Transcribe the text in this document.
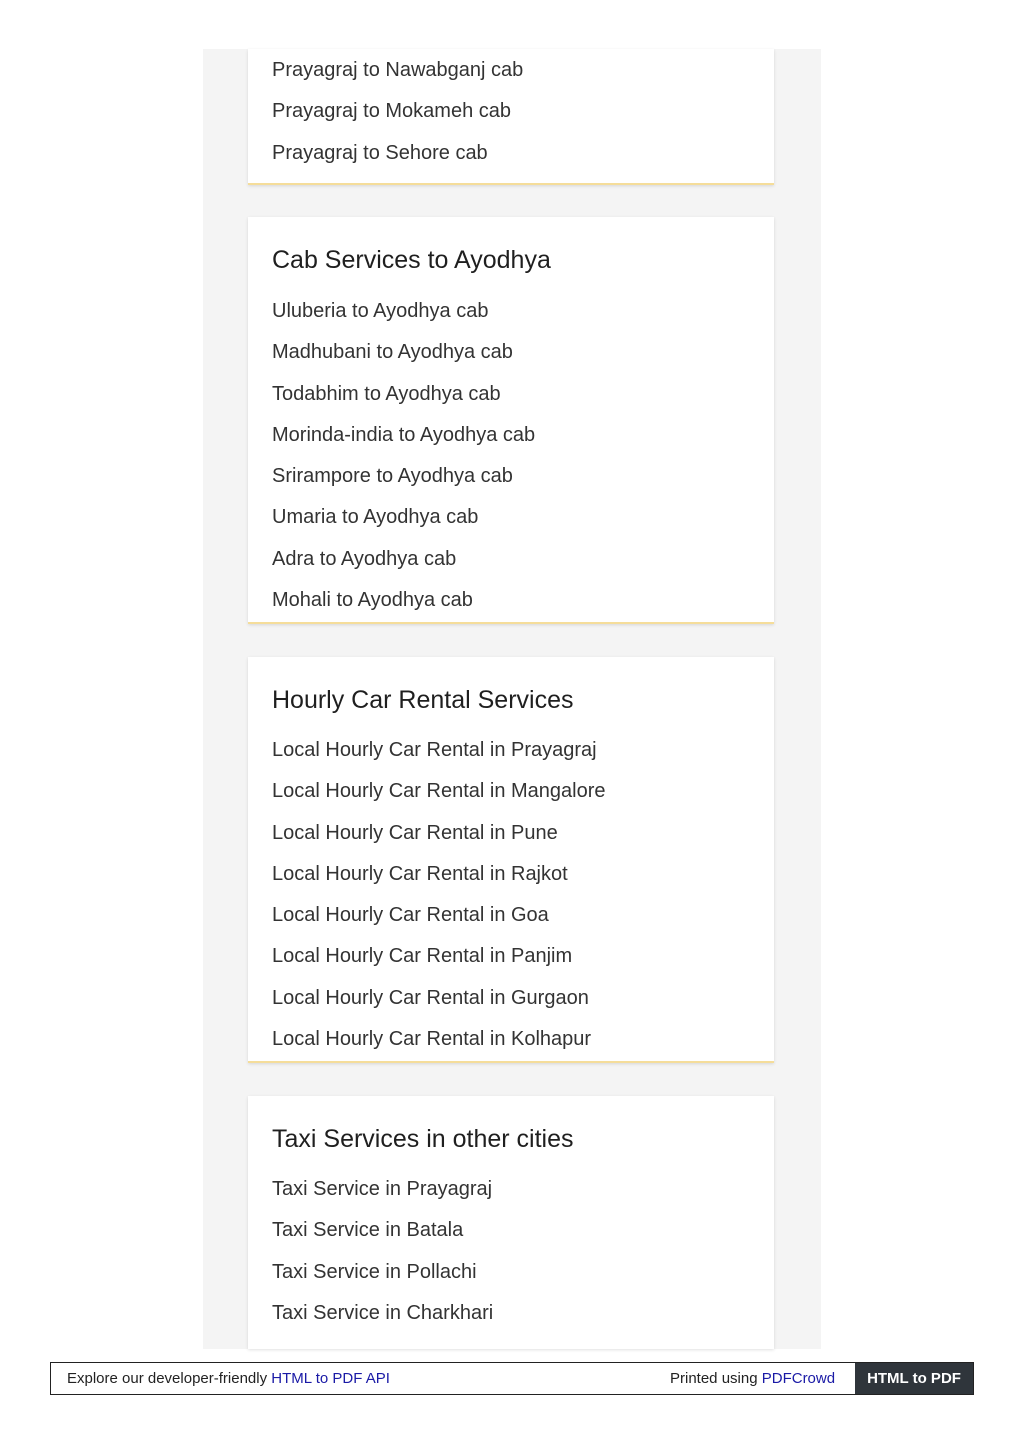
Prayagraj to Nawabganj cab
Prayagraj to Mokameh cab
Prayagraj to Sehore cab
Cab Services to Ayodhya
Uluberia to Ayodhya cab
Madhubani to Ayodhya cab
Todabhim to Ayodhya cab
Morinda-india to Ayodhya cab
Srirampore to Ayodhya cab
Umaria to Ayodhya cab
Adra to Ayodhya cab
Mohali to Ayodhya cab
Hourly Car Rental Services
Local Hourly Car Rental in Prayagraj
Local Hourly Car Rental in Mangalore
Local Hourly Car Rental in Pune
Local Hourly Car Rental in Rajkot
Local Hourly Car Rental in Goa
Local Hourly Car Rental in Panjim
Local Hourly Car Rental in Gurgaon
Local Hourly Car Rental in Kolhapur
Taxi Services in other cities
Taxi Service in Prayagraj
Taxi Service in Batala
Taxi Service in Pollachi
Taxi Service in Charkhari
Explore our developer-friendly HTML to PDF API	Printed using PDFCrowd	HTML to PDF
